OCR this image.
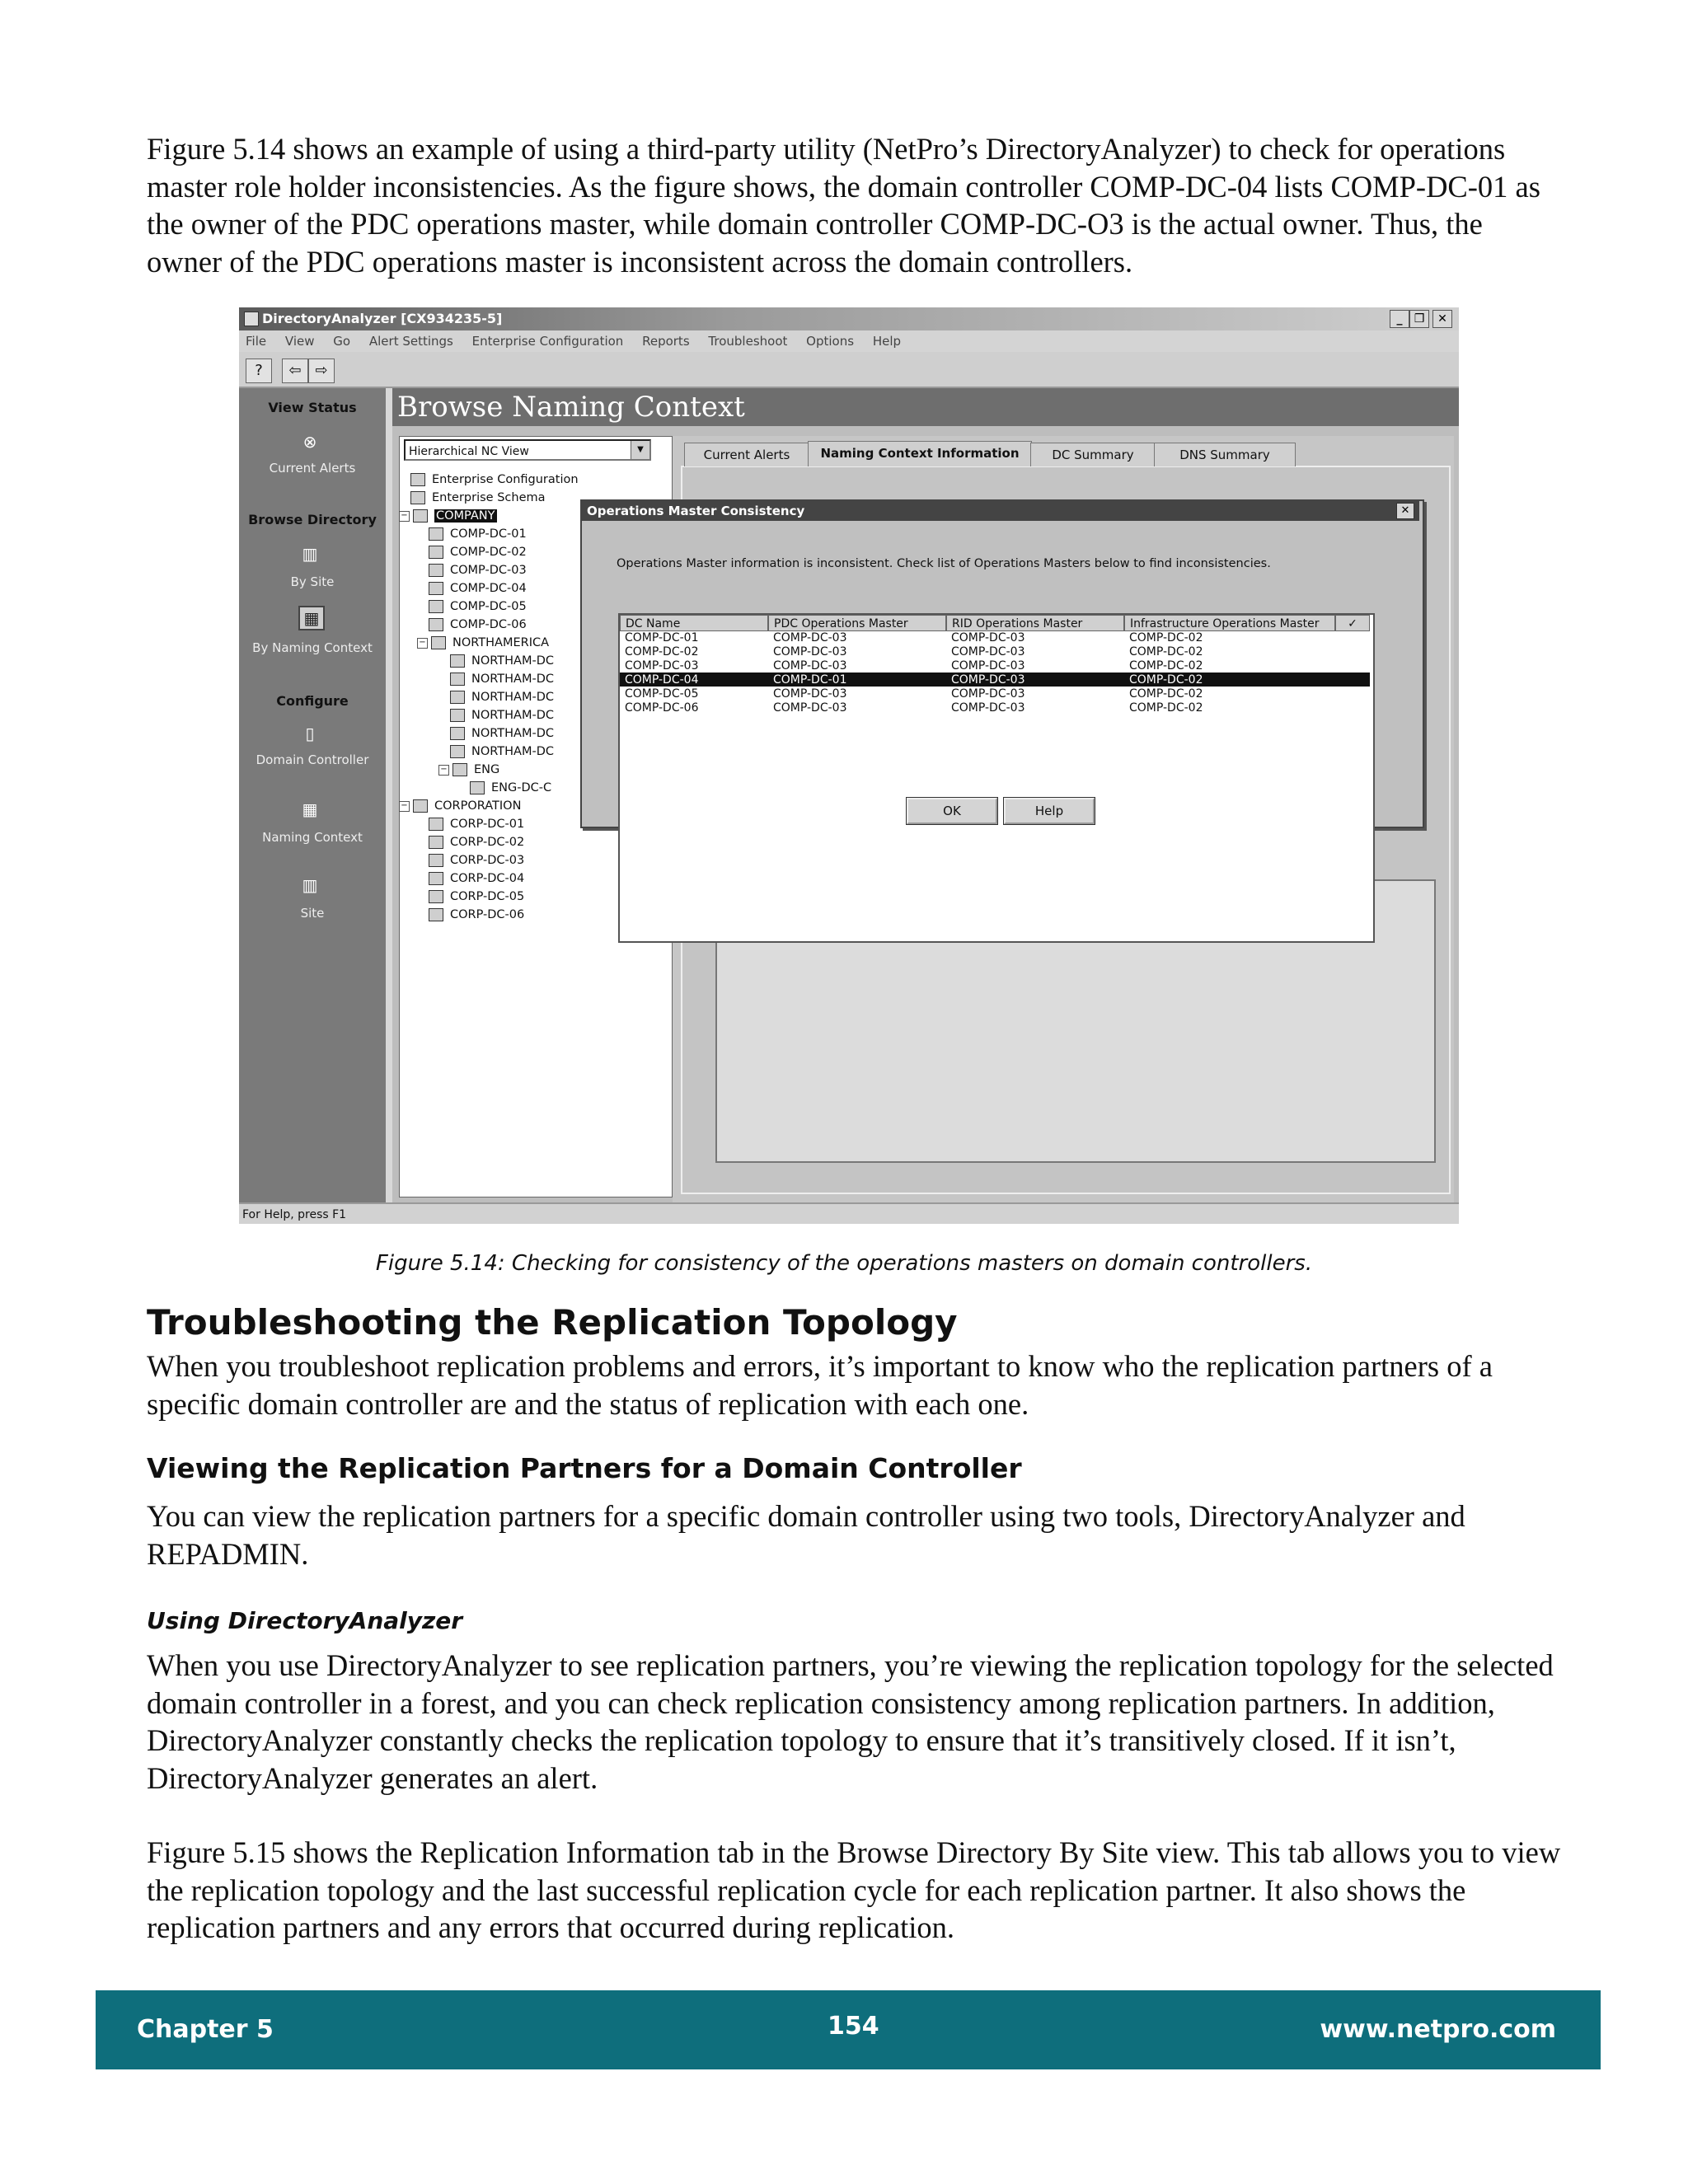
Figure 5.14 shows an example of using a third-party utility (NetPro’s DirectoryAnalyzer) to check for operations master role holder inconsistencies. As the figure shows, the domain controller COMP-DC-04 lists COMP-DC-01 as the owner of the PDC operations master, while domain controller COMP-DC-O3 is the actual owner. Thus, the owner of the PDC operations master is inconsistent across the domain controllers.

DirectoryAnalyzer [CX934235-5]	_	❒	✕
File View Go Alert Settings Enterprise Configuration Reports Troubleshoot Options Help
?	⇦ ⇨
View Status
⊗
Current Alerts
Browse Directory
▥
By Site
▦
By Naming Context
Configure
▯
Domain Controller
▦
Naming Context
▥
Site
Browse Naming Context
Hierarchical NC View	▼
Enterprise Configuration
Enterprise Schema
− COMPANY
COMP-DC-01
COMP-DC-02
COMP-DC-03
COMP-DC-04
COMP-DC-05
COMP-DC-06
− NORTHAMERICA
NORTHAM-DC
NORTHAM-DC
NORTHAM-DC
NORTHAM-DC
NORTHAM-DC
NORTHAM-DC
− ENG
ENG-DC-C
− CORPORATION
CORP-DC-01
CORP-DC-02
CORP-DC-03
CORP-DC-04
CORP-DC-05
CORP-DC-06
Current Alerts	Naming Context Information	DC Summary	DNS Summary
For Help, press F1
Operations Master Consistency	✕
Operations Master information is inconsistent. Check list of Operations Masters below to find inconsistencies.
DC Name	PDC Operations Master	RID Operations Master	Infrastructure Operations Master	✓
COMP-DC-01	COMP-DC-03	COMP-DC-03	COMP-DC-02
COMP-DC-02	COMP-DC-03	COMP-DC-03	COMP-DC-02
COMP-DC-03	COMP-DC-03	COMP-DC-03	COMP-DC-02
COMP-DC-04	COMP-DC-01	COMP-DC-03	COMP-DC-02
COMP-DC-05	COMP-DC-03	COMP-DC-03	COMP-DC-02
COMP-DC-06	COMP-DC-03	COMP-DC-03	COMP-DC-02
OK	Help
Figure 5.14: Checking for consistency of the operations masters on domain controllers.
Troubleshooting the Replication Topology

When you troubleshoot replication problems and errors, it’s important to know who the replication partners of a specific domain controller are and the status of replication with each one.

Viewing the Replication Partners for a Domain Controller

You can view the replication partners for a specific domain controller using two tools, DirectoryAnalyzer and REPADMIN.

Using DirectoryAnalyzer

When you use DirectoryAnalyzer to see replication partners, you’re viewing the replication topology for the selected domain controller in a forest, and you can check replication consistency among replication partners. In addition, DirectoryAnalyzer constantly checks the replication topology to ensure that it’s transitively closed. If it isn’t, DirectoryAnalyzer generates an alert.

Figure 5.15 shows the Replication Information tab in the Browse Directory By Site view. This tab allows you to view the replication topology and the last successful replication cycle for each replication partner. It also shows the replication partners and any errors that occurred during replication.

Chapter 5	154	www.netpro.com
